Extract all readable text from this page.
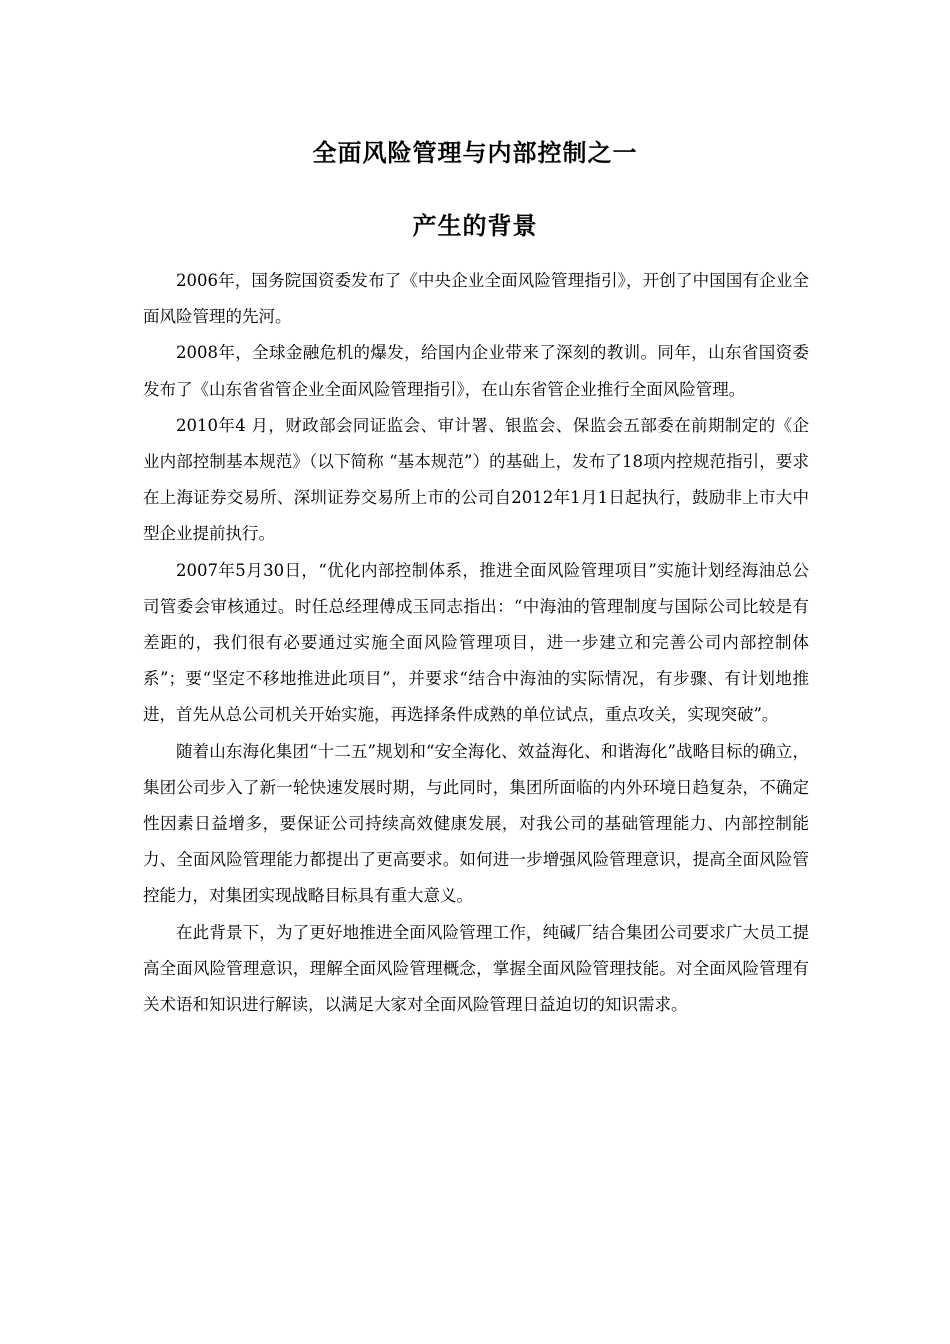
全面风险管理与内部控制之一
产生的背景

2006年，国务院国资委发布了《中央企业全面风险管理指引》，开创了中国国有企业全面风险管理的先河。

2008年，全球金融危机的爆发，给国内企业带来了深刻的教训。同年，山东省国资委发布了《山东省省管企业全面风险管理指引》，在山东省管企业推行全面风险管理。

2010年4 月，财政部会同证监会、审计署、银监会、保监会五部委在前期制定的《企业内部控制基本规范》（以下简称 “基本规范”）的基础上，发布了18项内控规范指引，要求在上海证券交易所、深圳证券交易所上市的公司自2012年1月1日起执行，鼓励非上市大中型企业提前执行。

2007年5月30日，“优化内部控制体系，推进全面风险管理项目”实施计划经海油总公司管委会审核通过。时任总经理傅成玉同志指出：“中海油的管理制度与国际公司比较是有差距的，我们很有必要通过实施全面风险管理项目，进一步建立和完善公司内部控制体系”；要“坚定不移地推进此项目”，并要求“结合中海油的实际情况，有步骤、有计划地推进，首先从总公司机关开始实施，再选择条件成熟的单位试点，重点攻关，实现突破”。

随着山东海化集团“十二五”规划和“安全海化、效益海化、和谐海化”战略目标的确立，集团公司步入了新一轮快速发展时期，与此同时，集团所面临的内外环境日趋复杂，不确定性因素日益增多，要保证公司持续高效健康发展，对我公司的基础管理能力、内部控制能力、全面风险管理能力都提出了更高要求。如何进一步增强风险管理意识，提高全面风险管控能力，对集团实现战略目标具有重大意义。

在此背景下，为了更好地推进全面风险管理工作，纯碱厂结合集团公司要求广大员工提高全面风险管理意识，理解全面风险管理概念，掌握全面风险管理技能。对全面风险管理有关术语和知识进行解读，以满足大家对全面风险管理日益迫切的知识需求。
